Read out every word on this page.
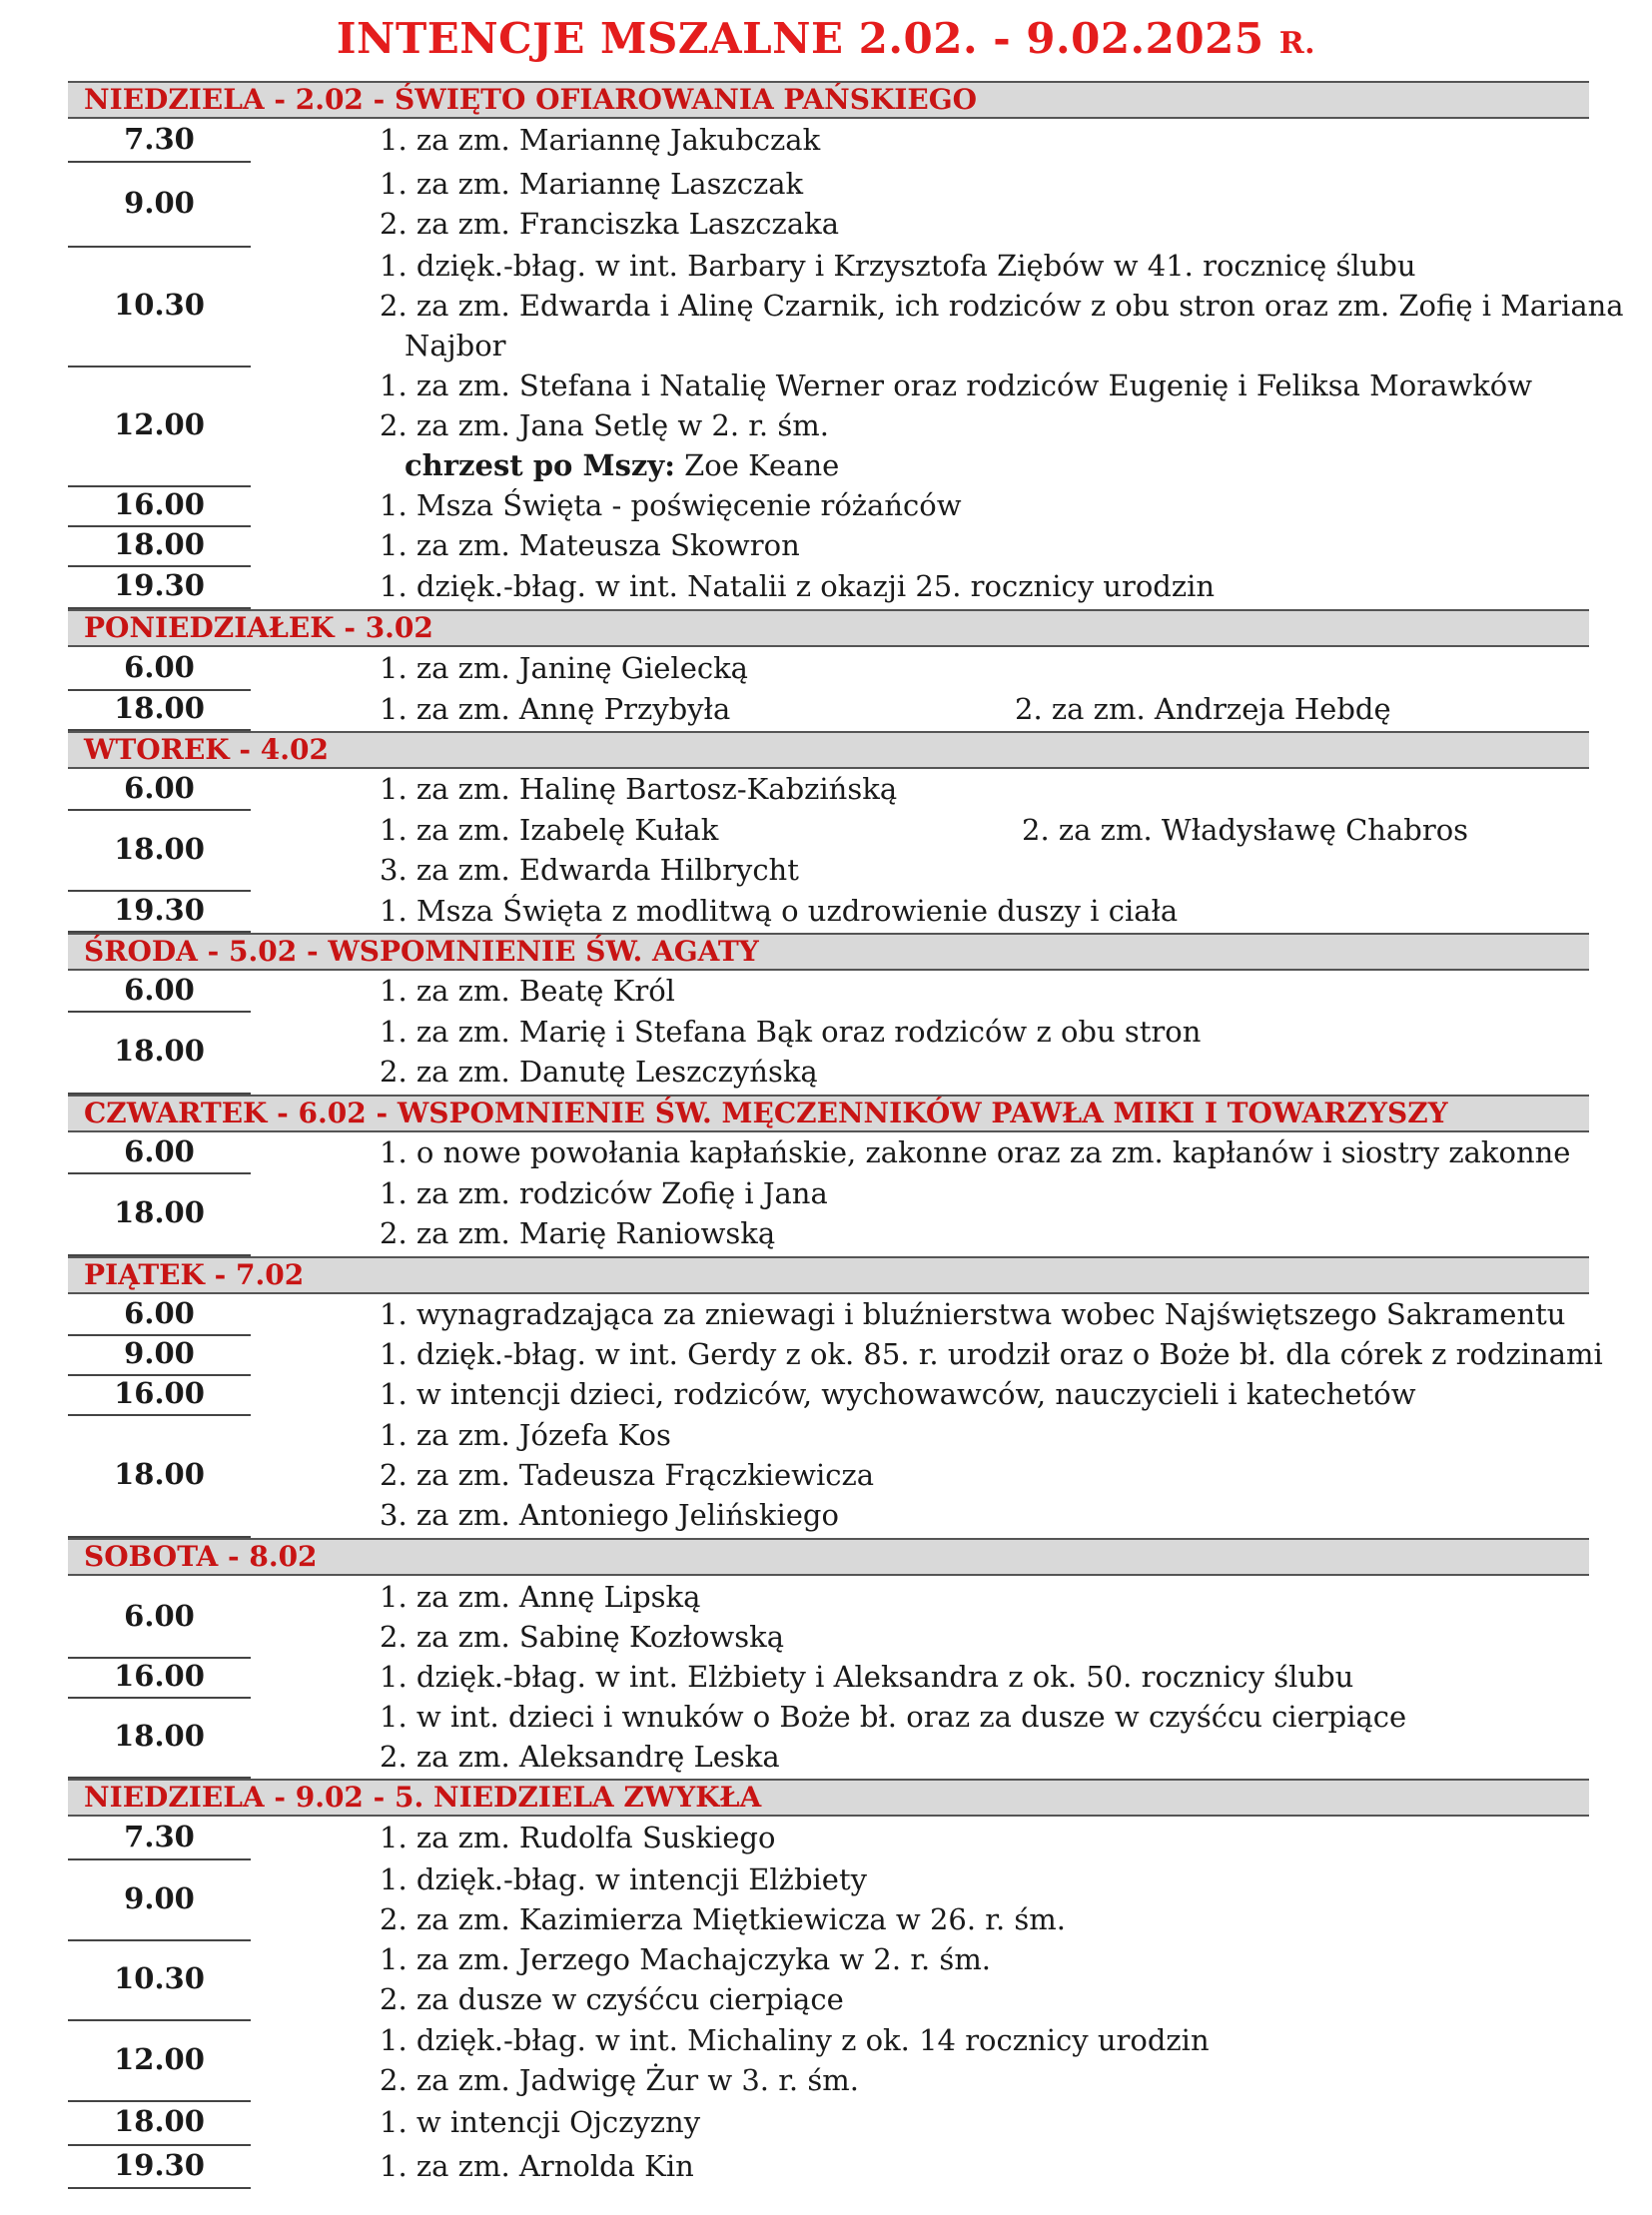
INTENCJE MSZALNE 2.02. - 9.02.2025 R.
NIEDZIELA - 2.02 - ŚWIĘTO OFIAROWANIA PAŃSKIEGO
7.30	1. za zm. Mariannę Jakubczak
9.00
1. za zm. Mariannę Laszczak
2. za zm. Franciszka Laszczaka
10.30
1. dzięk.-błag. w int. Barbary i Krzysztofa Ziębów w 41. rocznicę ślubu
2. za zm. Edwarda i Alinę Czarnik, ich rodziców z obu stron oraz zm. Zofię i Mariana
Najbor
12.00
1. za zm. Stefana i Natalię Werner oraz rodziców Eugenię i Feliksa Morawków
2. za zm. Jana Setlę w 2. r. śm.
chrzest po Mszy: Zoe Keane
16.00	1. Msza Święta - poświęcenie różańców
18.00	1. za zm. Mateusza Skowron
19.30	1. dzięk.-błag. w int. Natalii z okazji 25. rocznicy urodzin
PONIEDZIAŁEK - 3.02
6.00	1. za zm. Janinę Gielecką
18.00	1. za zm. Annę Przybyła	2. za zm. Andrzeja Hebdę
WTOREK - 4.02
6.00	1. za zm. Halinę Bartosz-Kabzińską
18.00
1. za zm. Izabelę Kułak	2. za zm. Władysławę Chabros
3. za zm. Edwarda Hilbrycht
19.30	1. Msza Święta z modlitwą o uzdrowienie duszy i ciała
ŚRODA - 5.02 - WSPOMNIENIE ŚW. AGATY
6.00	1. za zm. Beatę Król
18.00
1. za zm. Marię i Stefana Bąk oraz rodziców z obu stron
2. za zm. Danutę Leszczyńską
CZWARTEK - 6.02 - WSPOMNIENIE ŚW. MĘCZENNIKÓW PAWŁA MIKI I TOWARZYSZY
6.00	1. o nowe powołania kapłańskie, zakonne oraz za zm. kapłanów i siostry zakonne
18.00
1. za zm. rodziców Zofię i Jana
2. za zm. Marię Raniowską
PIĄTEK - 7.02
6.00	1. wynagradzająca za zniewagi i bluźnierstwa wobec Najświętszego Sakramentu
9.00	1. dzięk.-błag. w int. Gerdy z ok. 85. r. urodził oraz o Boże bł. dla córek z rodzinami
16.00	1. w intencji dzieci, rodziców, wychowawców, nauczycieli i katechetów
18.00
1. za zm. Józefa Kos
2. za zm. Tadeusza Frączkiewicza
3. za zm. Antoniego Jelińskiego
SOBOTA - 8.02
6.00
1. za zm. Annę Lipską
2. za zm. Sabinę Kozłowską
16.00	1. dzięk.-błag. w int. Elżbiety i Aleksandra z ok. 50. rocznicy ślubu
18.00
1. w int. dzieci i wnuków o Boże bł. oraz za dusze w czyśćcu cierpiące
2. za zm. Aleksandrę Leska
NIEDZIELA - 9.02 - 5. NIEDZIELA ZWYKŁA
7.30	1. za zm. Rudolfa Suskiego
9.00
1. dzięk.-błag. w intencji Elżbiety
2. za zm. Kazimierza Miętkiewicza w 26. r. śm.
10.30
1. za zm. Jerzego Machajczyka w 2. r. śm.
2. za dusze w czyśćcu cierpiące
12.00
1. dzięk.-błag. w int. Michaliny z ok. 14 rocznicy urodzin
2. za zm. Jadwigę Żur w 3. r. śm.
18.00	1. w intencji Ojczyzny
19.30	1. za zm. Arnolda Kin
